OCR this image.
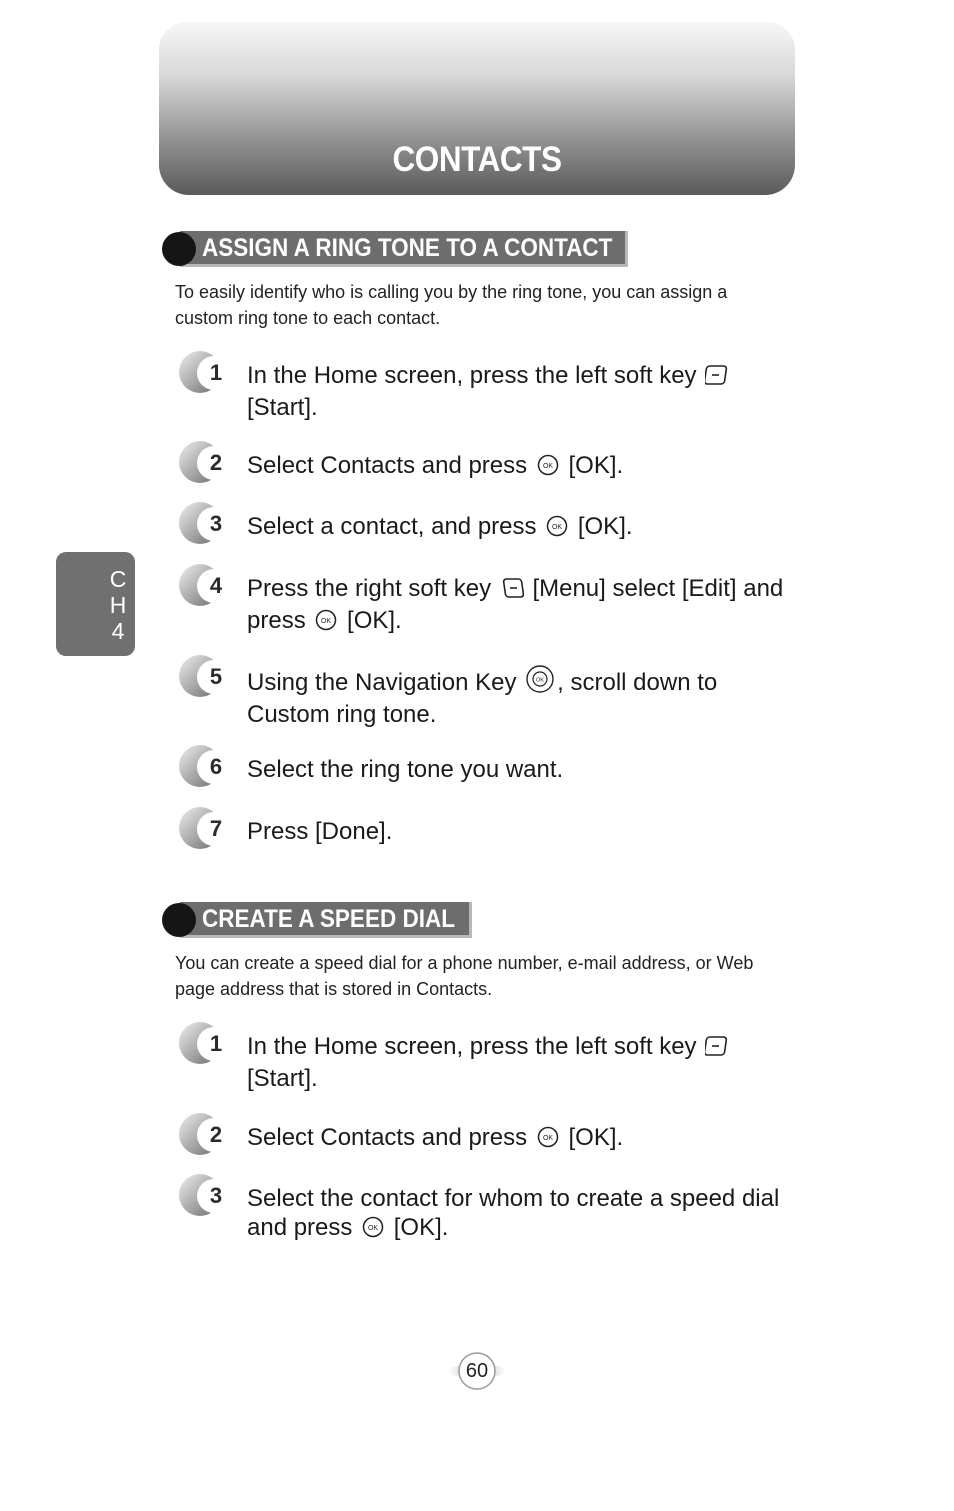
CONTACTS
C
H
4
ASSIGN A RING TONE TO A CONTACT
To easily identify who is calling you by the ring tone, you can assign a custom ring tone to each contact.
1 In the Home screen, press the left soft key
[Start].
2 Select Contacts and press OK [OK].
3 Select a contact, and press OK [OK].
4 Press the right soft key [Menu] select [Edit] and press OK [OK].
5 Using the Navigation Key	OK , scroll down to Custom ring tone.
6 Select the ring tone you want.
7 Press [Done].
CREATE A SPEED DIAL
You can create a speed dial for a phone number, e-mail address, or Web page address that is stored in Contacts.
1 In the Home screen, press the left soft key
[Start].
2 Select Contacts and press OK [OK].
3 Select the contact for whom to create a speed dial and press OK [OK].
60
